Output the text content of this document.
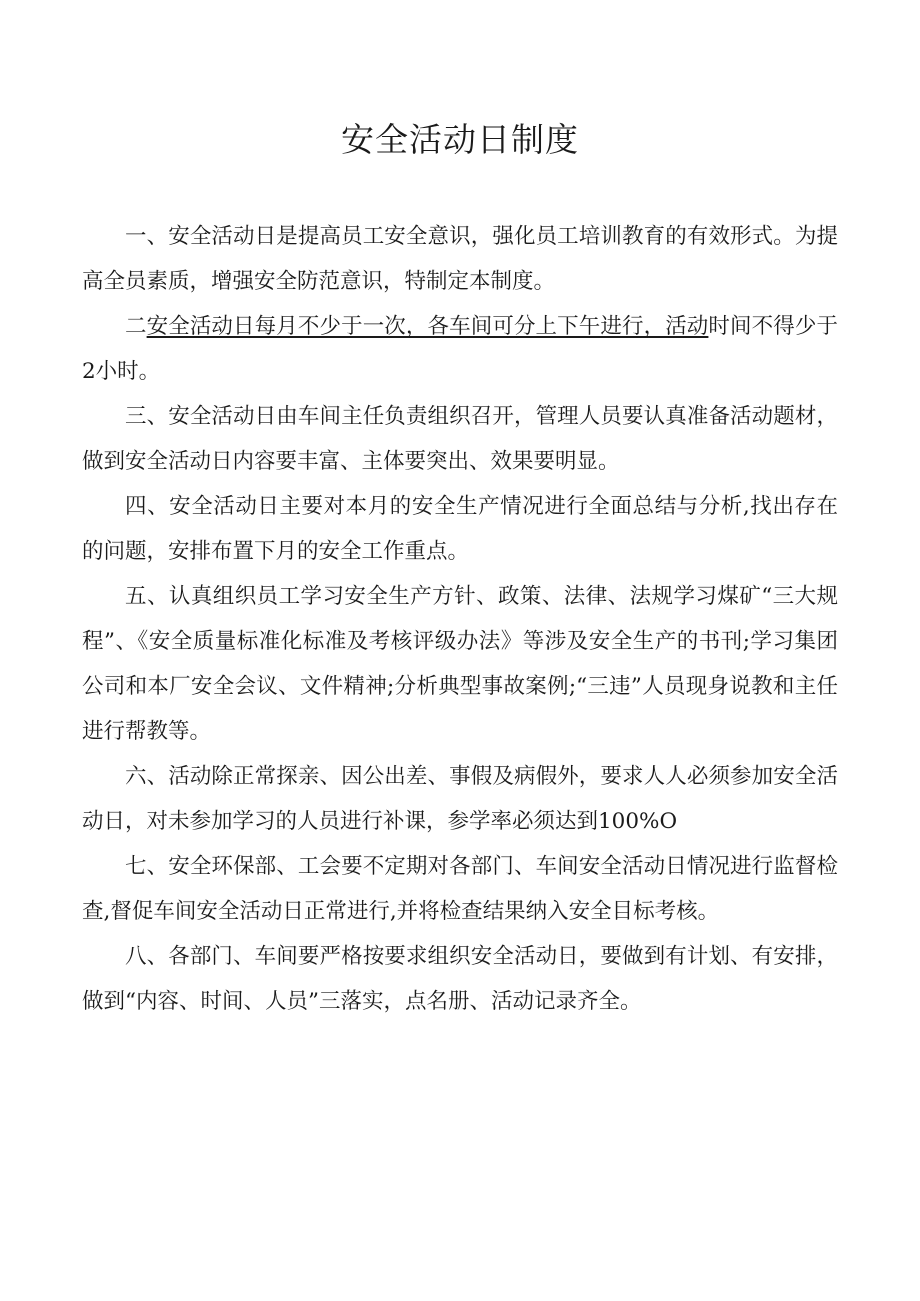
安全活动日制度

一、安全活动日是提高员工安全意识，强化员工培训教育的有效形式。为提高全员素质，增强安全防范意识，特制定本制度。

二安全活动日每月不少于一次，各车间可分上下午进行，活动时间不得少于2小时。

三、安全活动日由车间主任负责组织召开，管理人员要认真准备活动题材，做到安全活动日内容要丰富、主体要突出、效果要明显。

四、安全活动日主要对本月的安全生产情况进行全面总结与分析,找出存在的问题，安排布置下月的安全工作重点。

五、认真组织员工学习安全生产方针、政策、法律、法规学习煤矿“三大规程”、《安全质量标准化标准及考核评级办法》等涉及安全生产的书刊;学习集团公司和本厂安全会议、文件精神;分析典型事故案例;“三违”人员现身说教和主任进行帮教等。

六、活动除正常探亲、因公出差、事假及病假外，要求人人必须参加安全活动日，对未参加学习的人员进行补课，参学率必须达到100%O

七、安全环保部、工会要不定期对各部门、车间安全活动日情况进行监督检查,督促车间安全活动日正常进行,并将检查结果纳入安全目标考核。

八、各部门、车间要严格按要求组织安全活动日，要做到有计划、有安排，做到“内容、时间、人员”三落实，点名册、活动记录齐全。
